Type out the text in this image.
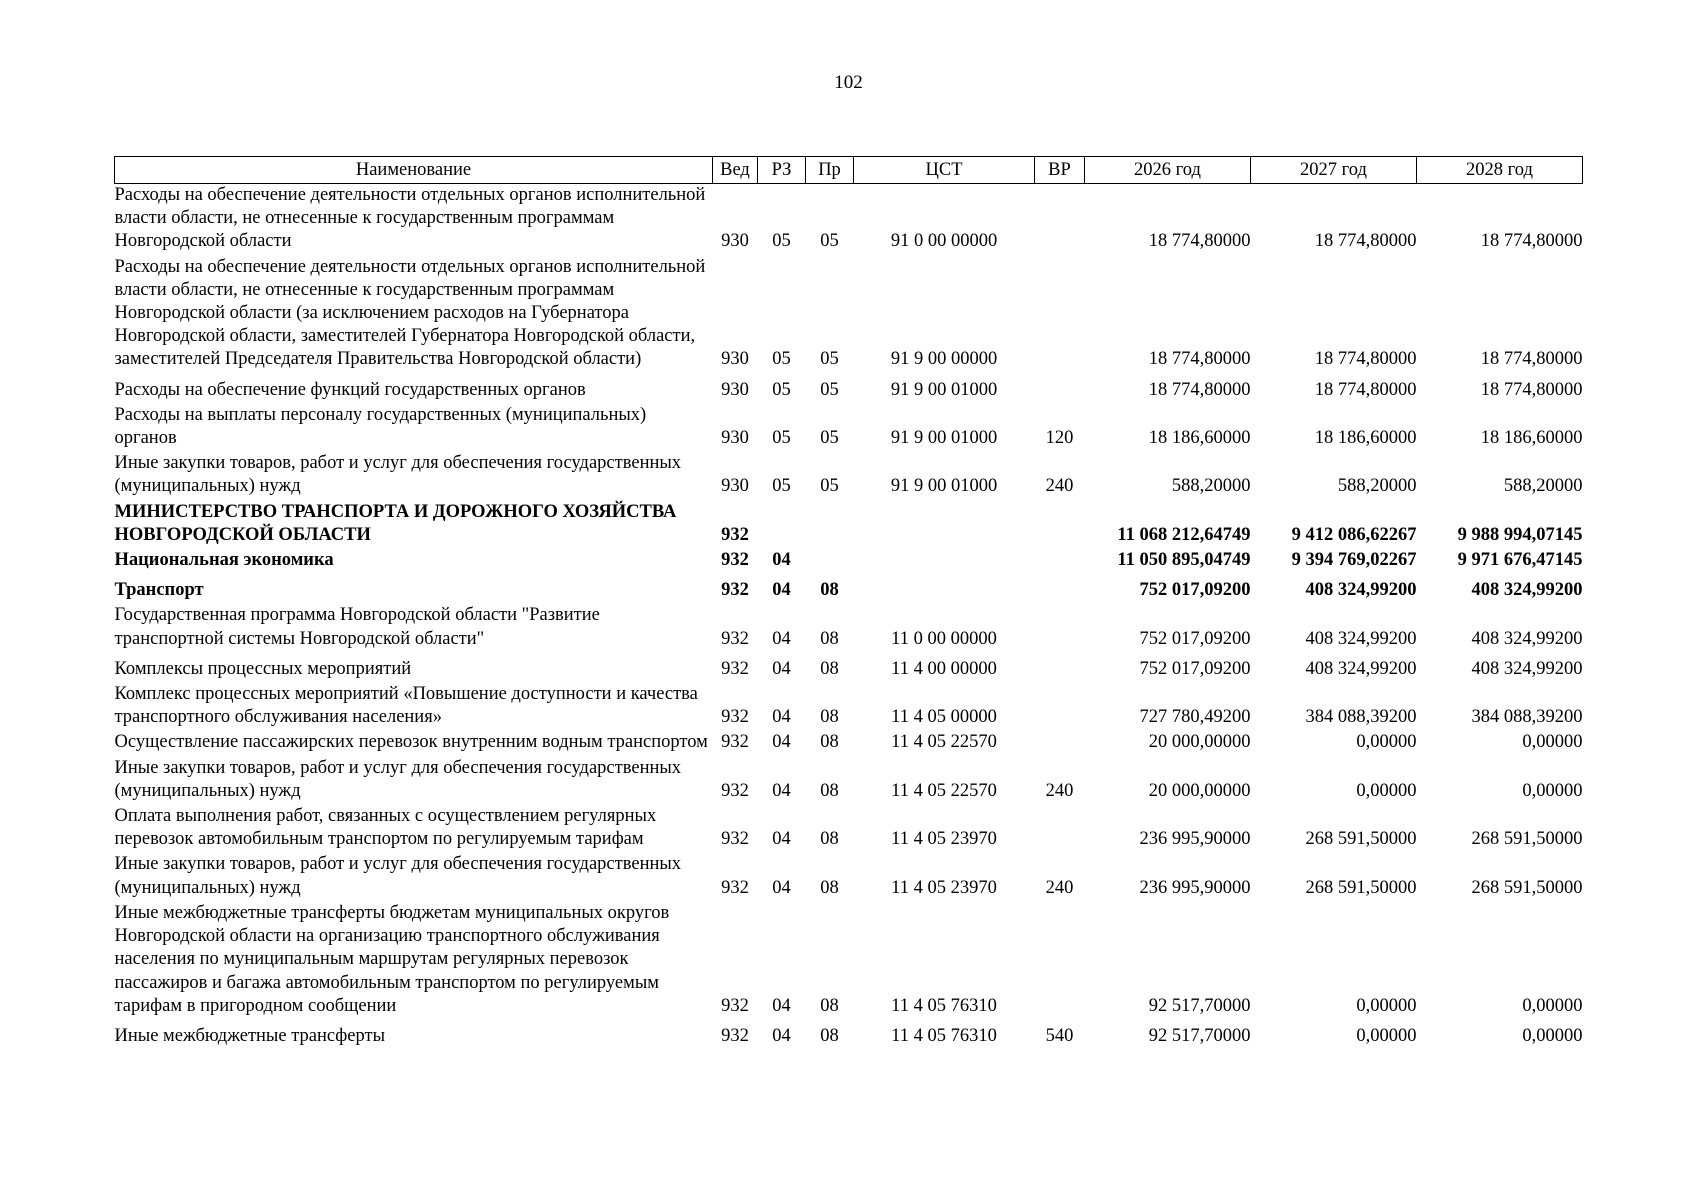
102
Наименование	Вед	РЗ	Пр	ЦСТ	ВР	2026 год	2027 год	2028 год
Расходы на обеспечение деятельности отдельных органов исполнительной власти области, не отнесенные к государственным программам Новгородской области	930	05	05	91 0 00 00000		18 774,80000	18 774,80000	18 774,80000
Расходы на обеспечение деятельности отдельных органов исполнительной власти области, не отнесенные к государственным программам Новгородской области (за исключением расходов на Губернатора Новгородской области, заместителей Губернатора Новгородской области, заместителей Председателя Правительства Новгородской области)	930	05	05	91 9 00 00000		18 774,80000	18 774,80000	18 774,80000
Расходы на обеспечение функций государственных органов	930	05	05	91 9 00 01000		18 774,80000	18 774,80000	18 774,80000
Расходы на выплаты персоналу государственных (муниципальных) органов	930	05	05	91 9 00 01000	120	18 186,60000	18 186,60000	18 186,60000
Иные закупки товаров, работ и услуг для обеспечения государственных (муниципальных) нужд	930	05	05	91 9 00 01000	240	588,20000	588,20000	588,20000
МИНИСТЕРСТВО ТРАНСПОРТА И ДОРОЖНОГО ХОЗЯЙСТВА НОВГОРОДСКОЙ ОБЛАСТИ	932					11 068 212,64749	9 412 086,62267	9 988 994,07145
Национальная экономика	932	04				11 050 895,04749	9 394 769,02267	9 971 676,47145
Транспорт	932	04	08			752 017,09200	408 324,99200	408 324,99200
Государственная программа Новгородской области "Развитие транспортной системы Новгородской области"	932	04	08	11 0 00 00000		752 017,09200	408 324,99200	408 324,99200
Комплексы процессных мероприятий	932	04	08	11 4 00 00000		752 017,09200	408 324,99200	408 324,99200
Комплекс процессных мероприятий «Повышение доступности и качества транспортного обслуживания населения»	932	04	08	11 4 05 00000		727 780,49200	384 088,39200	384 088,39200
Осуществление пассажирских перевозок внутренним водным транспортом	932	04	08	11 4 05 22570		20 000,00000	0,00000	0,00000
Иные закупки товаров, работ и услуг для обеспечения государственных (муниципальных) нужд	932	04	08	11 4 05 22570	240	20 000,00000	0,00000	0,00000
Оплата выполнения работ, связанных с осуществлением регулярных перевозок автомобильным транспортом по регулируемым тарифам	932	04	08	11 4 05 23970		236 995,90000	268 591,50000	268 591,50000
Иные закупки товаров, работ и услуг для обеспечения государственных (муниципальных) нужд	932	04	08	11 4 05 23970	240	236 995,90000	268 591,50000	268 591,50000
Иные межбюджетные трансферты бюджетам муниципальных округов Новгородской области на организацию транспортного обслуживания населения по муниципальным маршрутам регулярных перевозок пассажиров и багажа автомобильным транспортом по регулируемым тарифам в пригородном сообщении	932	04	08	11 4 05 76310		92 517,70000	0,00000	0,00000
Иные межбюджетные трансферты	932	04	08	11 4 05 76310	540	92 517,70000	0,00000	0,00000
